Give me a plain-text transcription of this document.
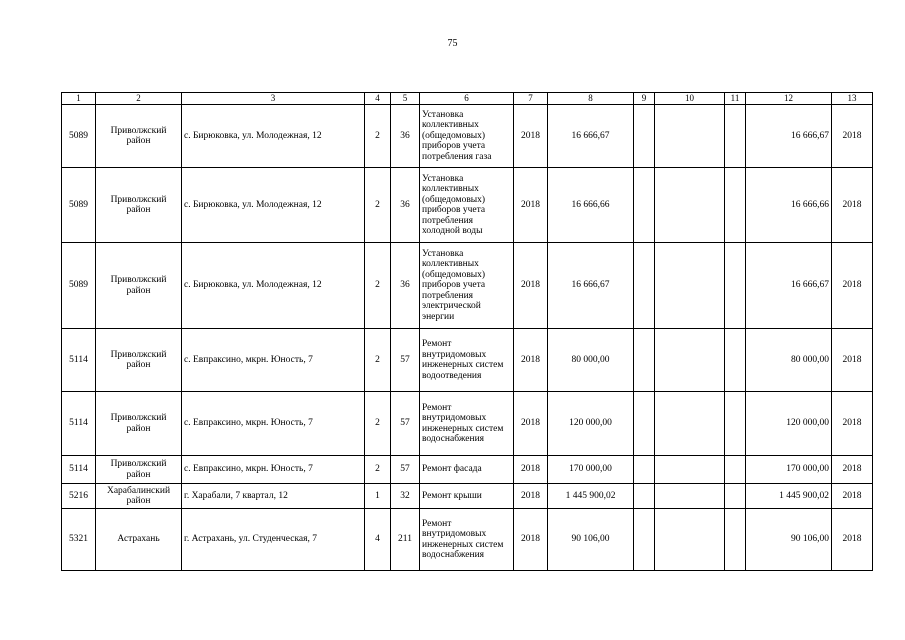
75
1	2	3	4	5	6	7	8	9	10	11	12	13
5089	Приволжский район	с. Бирюковка, ул. Молодежная, 12	2	36	Установка коллективных (общедомовых) приборов учета потребления газа	2018	16 666,67				16 666,67	2018
5089	Приволжский район	с. Бирюковка, ул. Молодежная, 12	2	36	Установка коллективных (общедомовых) приборов учета потребления холодной воды	2018	16 666,66				16 666,66	2018
5089	Приволжский район	с. Бирюковка, ул. Молодежная, 12	2	36	Установка коллективных (общедомовых) приборов учета потребления электрической энергии	2018	16 666,67				16 666,67	2018
5114	Приволжский район	с. Евпраксино, мкрн. Юность, 7	2	57	Ремонт внутридомовых инженерных систем водоотведения	2018	80 000,00				80 000,00	2018
5114	Приволжский район	с. Евпраксино, мкрн. Юность, 7	2	57	Ремонт внутридомовых инженерных систем водоснабжения	2018	120 000,00				120 000,00	2018
5114	Приволжский район	с. Евпраксино, мкрн. Юность, 7	2	57	Ремонт фасада	2018	170 000,00				170 000,00	2018
5216	Харабалинский район	г. Харабали, 7 квартал, 12	1	32	Ремонт крыши	2018	1 445 900,02				1 445 900,02	2018
5321	Астрахань	г. Астрахань, ул. Студенческая, 7	4	211	Ремонт внутридомовых инженерных систем водоснабжения	2018	90 106,00				90 106,00	2018
